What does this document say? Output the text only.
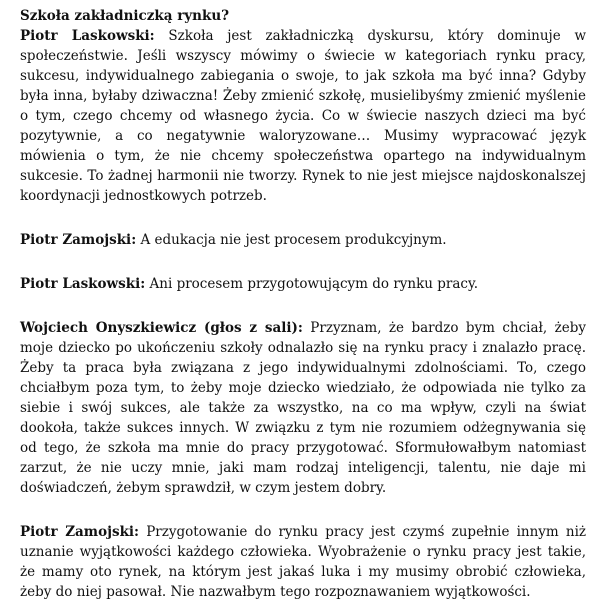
Szkoła zakładniczką rynku?

Piotr Laskowski: Szkoła jest zakładniczką dyskursu, który dominuje w społeczeństwie. Jeśli wszyscy mówimy o świecie w kategoriach rynku pracy, sukcesu, indywidualnego zabiegania o swoje, to jak szkoła ma być inna? Gdyby była inna, byłaby dziwaczna! Żeby zmienić szkołę, musielibyśmy zmienić myślenie o tym, czego chcemy od własnego życia. Co w świecie naszych dzieci ma być pozytywnie, a co negatywnie waloryzowane… Musimy wypracować język mówienia o tym, że nie chcemy społeczeństwa opartego na indywidualnym sukcesie. To żadnej harmonii nie tworzy. Rynek to nie jest miejsce najdoskonalszej koordynacji jednostkowych potrzeb.

Piotr Zamojski: A edukacja nie jest procesem produkcyjnym.

Piotr Laskowski: Ani procesem przygotowującym do rynku pracy.

Wojciech Onyszkiewicz (głos z sali): Przyznam, że bardzo bym chciał, żeby moje dziecko po ukończeniu szkoły odnalazło się na rynku pracy i znalazło pracę. Żeby ta praca była związana z jego indywidualnymi zdolnościami. To, czego chciałbym poza tym, to żeby moje dziecko wiedziało, że odpowiada nie tylko za siebie i swój sukces, ale także za wszystko, na co ma wpływ, czyli na świat dookoła, także sukces innych. W związku z tym nie rozumiem odżegnywania się od tego, że szkoła ma mnie do pracy przygotować. Sformułowałbym natomiast zarzut, że nie uczy mnie, jaki mam rodzaj inteligencji, talentu, nie daje mi doświadczeń, żebym sprawdził, w czym jestem dobry.

Piotr Zamojski: Przygotowanie do rynku pracy jest czymś zupełnie innym niż uznanie wyjątkowości każdego człowieka. Wyobrażenie o rynku pracy jest takie, że mamy oto rynek, na którym jest jakaś luka i my musimy obrobić człowieka, żeby do niej pasował. Nie nazwałbym tego rozpoznawaniem wyjątkowości.
